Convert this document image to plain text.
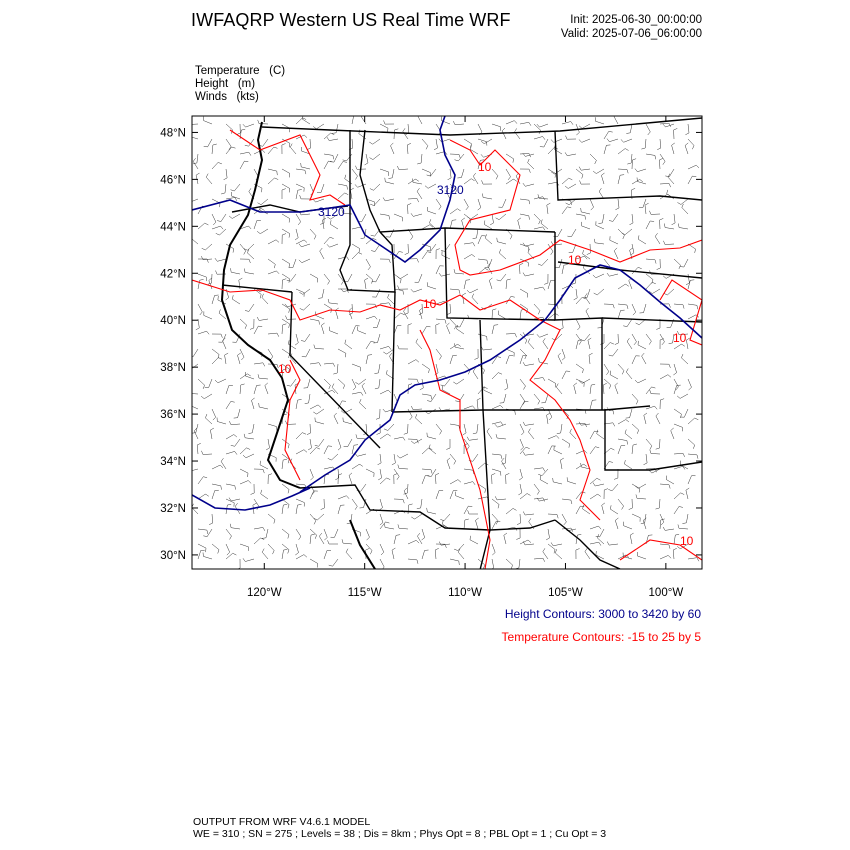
IWFAQRP Western US Real Time WRF	Init: 2025-06-30_00:00:00
Valid: 2025-07-06_06:00:00
Temperature   (C)
Height   (m)
Winds   (kts)
3120
3120
10
10
10
10
10
10
48°N
46°N
44°N
42°N
40°N
38°N
36°N
34°N
32°N
30°N
120°W	115°W	110°W	105°W	100°W
Height Contours: 3000 to 3420 by 60
Temperature Contours: -15 to 25 by 5
OUTPUT FROM WRF V4.6.1 MODEL
WE = 310 ; SN = 275 ; Levels = 38 ; Dis = 8km ; Phys Opt = 8 ; PBL Opt = 1 ; Cu Opt = 3
